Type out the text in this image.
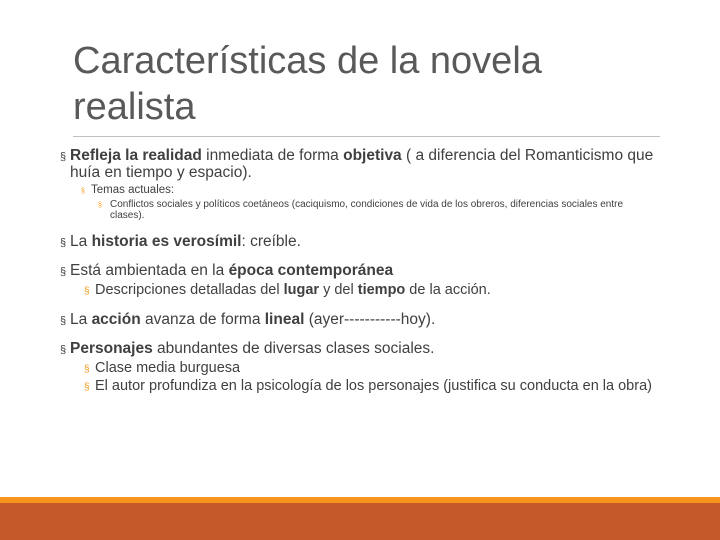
Características de la novela realista
§ Refleja la realidad inmediata de forma objetiva ( a diferencia del Romanticismo que huía en tiempo y espacio).
§ Temas actuales:
§ Conflictos sociales y políticos coetáneos (caciquismo, condiciones de vida de los obreros, diferencias sociales entre clases).
§ La historia es verosímil: creíble.
§ Está ambientada en la época contemporánea
§ Descripciones detalladas del lugar y del tiempo de la acción.
§ La acción avanza de forma lineal (ayer-----------hoy).
§ Personajes abundantes de diversas clases sociales.
§ Clase media burguesa
§ El autor profundiza en la psicología de los personajes (justifica su conducta en la obra)
